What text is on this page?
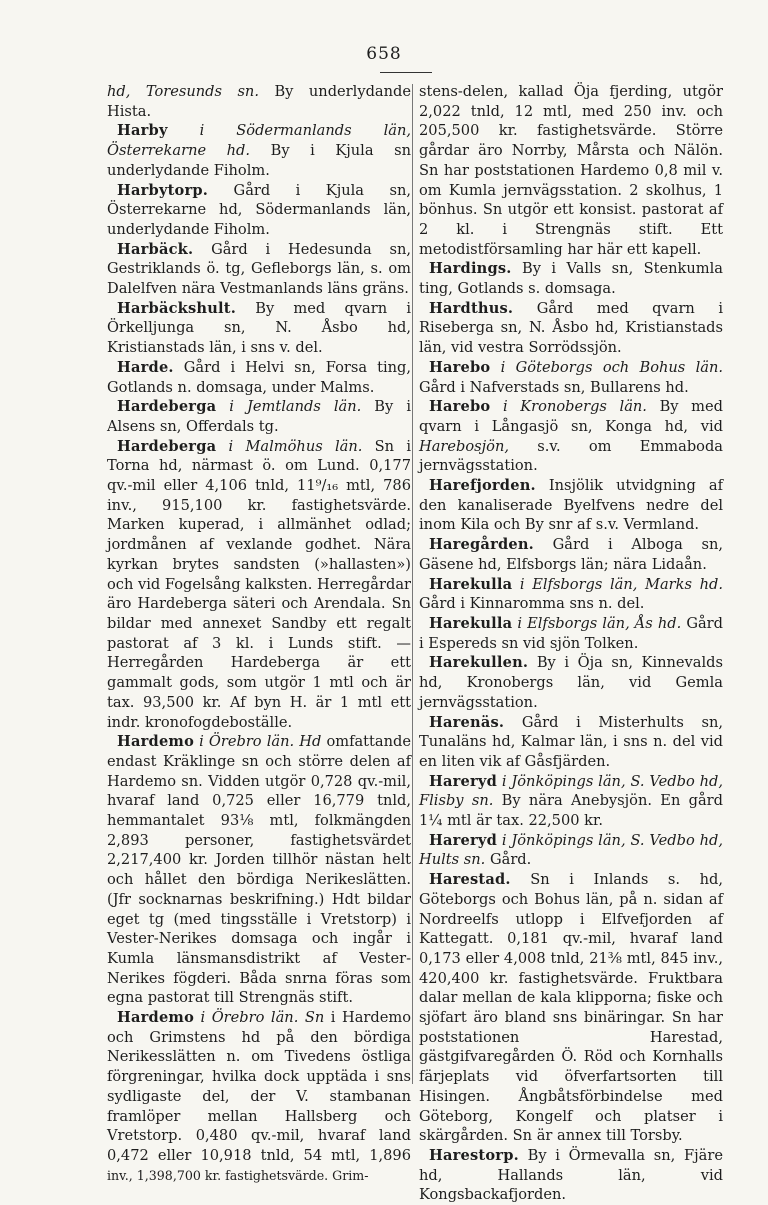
658

hd, Toresunds sn. By underlydande Hista.

Harby i Södermanlands län, Österrekarne hd. By i Kjula sn underlydande Fiholm.

Harbytorp. Gård i Kjula sn, Österrekarne hd, Södermanlands län, underlydande Fiholm.

Harbäck. Gård i Hedesunda sn, Gestriklands ö. tg, Gefleborgs län, s. om Dalelfven nära Vestmanlands läns gräns.

Harbäckshult. By med qvarn i Örkelljunga sn, N. Åsbo hd, Kristianstads län, i sns v. del.

Harde. Gård i Helvi sn, Forsa ting, Gotlands n. domsaga, under Malms.

Hardeberga i Jemtlands län. By i Alsens sn, Offerdals tg.

Hardeberga i Malmöhus län. Sn i Torna hd, närmast ö. om Lund. 0,177 qv.-mil eller 4,106 tnld, 11⁹/₁₆ mtl, 786 inv., 915,100 kr. fastighetsvärde. Marken kuperad, i allmänhet odlad; jordmånen af vexlande godhet. Nära kyrkan brytes sandsten (»hallasten») och vid Fogelsång kalksten. Herregårdar äro Hardeberga säteri och Arendala. Sn bildar med annexet Sandby ett regalt pastorat af 3 kl. i Lunds stift. — Herregården Hardeberga är ett gammalt gods, som utgör 1 mtl och är tax. 93,500 kr. Af byn H. är 1 mtl ett indr. kronofogdeboställe.

Hardemo i Örebro län. Hd omfattande endast Kräklinge sn och större delen af Hardemo sn. Vidden utgör 0,728 qv.-mil, hvaraf land 0,725 eller 16,779 tnld, hemmantalet 93⅛ mtl, folkmängden 2,893 personer, fastighetsvärdet 2,217,400 kr. Jorden tillhör nästan helt och hållet den bördiga Nerikeslätten. (Jfr socknarnas beskrifning.) Hdt bildar eget tg (med tingsställe i Vretstorp) i Vester-Nerikes domsaga och ingår i Kumla länsmansdistrikt af Vester-Nerikes fögderi. Båda snrna föras som egna pastorat till Strengnäs stift.

Hardemo i Örebro län. Sn i Hardemo och Grimstens hd på den bördiga Nerikesslätten n. om Tivedens östliga förgreningar, hvilka dock upptäda i sns sydligaste del, der V. stambanan framlöper mellan Hallsberg och Vretstorp. 0,480 qv.-mil, hvaraf land 0,472 eller 10,918 tnld, 54 mtl, 1,896 inv., 1,398,700 kr. fastighetsvärde. Grim-

stens-delen, kallad Öja fjerding, utgör 2,022 tnld, 12 mtl, med 250 inv. och 205,500 kr. fastighetsvärde. Större gårdar äro Norrby, Mårsta och Nälön. Sn har poststationen Hardemo 0,8 mil v. om Kumla jernvägsstation. 2 skolhus, 1 bönhus. Sn utgör ett konsist. pastorat af 2 kl. i Strengnäs stift. Ett metodistförsamling har här ett kapell.

Hardings. By i Valls sn, Stenkumla ting, Gotlands s. domsaga.

Hardthus. Gård med qvarn i Riseberga sn, N. Åsbo hd, Kristianstads län, vid vestra Sorrödssjön.

Harebo i Göteborgs och Bohus län. Gård i Nafverstads sn, Bullarens hd.

Harebo i Kronobergs län. By med qvarn i Långasjö sn, Konga hd, vid Harebosjön, s.v. om Emmaboda jernvägsstation.

Harefjorden. Insjölik utvidgning af den kanaliserade Byelfvens nedre del inom Kila och By snr af s.v. Vermland.

Haregården. Gård i Alboga sn, Gäsene hd, Elfsborgs län; nära Lidaån.

Harekulla i Elfsborgs län, Marks hd. Gård i Kinnaromma sns n. del.

Harekulla i Elfsborgs län, Ås hd. Gård i Espereds sn vid sjön Tolken.

Harekullen. By i Öja sn, Kinnevalds hd, Kronobergs län, vid Gemla jernvägsstation.

Harenäs. Gård i Misterhults sn, Tunaläns hd, Kalmar län, i sns n. del vid en liten vik af Gåsfjärden.

Hareryd i Jönköpings län, S. Vedbo hd, Flisby sn. By nära Anebysjön. En gård 1¼ mtl är tax. 22,500 kr.

Hareryd i Jönköpings län, S. Vedbo hd, Hults sn. Gård.

Harestad. Sn i Inlands s. hd, Göteborgs och Bohus län, på n. sidan af Nordreelfs utlopp i Elfvefjorden af Kattegatt. 0,181 qv.-mil, hvaraf land 0,173 eller 4,008 tnld, 21⅜ mtl, 845 inv., 420,400 kr. fastighetsvärde. Fruktbara dalar mellan de kala klipporna; fiske och sjöfart äro bland sns binäringar. Sn har poststationen Harestad, gästgifvaregården Ö. Röd och Kornhalls färjeplats vid öfverfartsorten till Hisingen. Ångbåtsförbindelse med Göteborg, Kongelf och platser i skärgården. Sn är annex till Torsby.

Harestorp. By i Örmevalla sn, Fjäre hd, Hallands län, vid Kongsbackafjorden.
